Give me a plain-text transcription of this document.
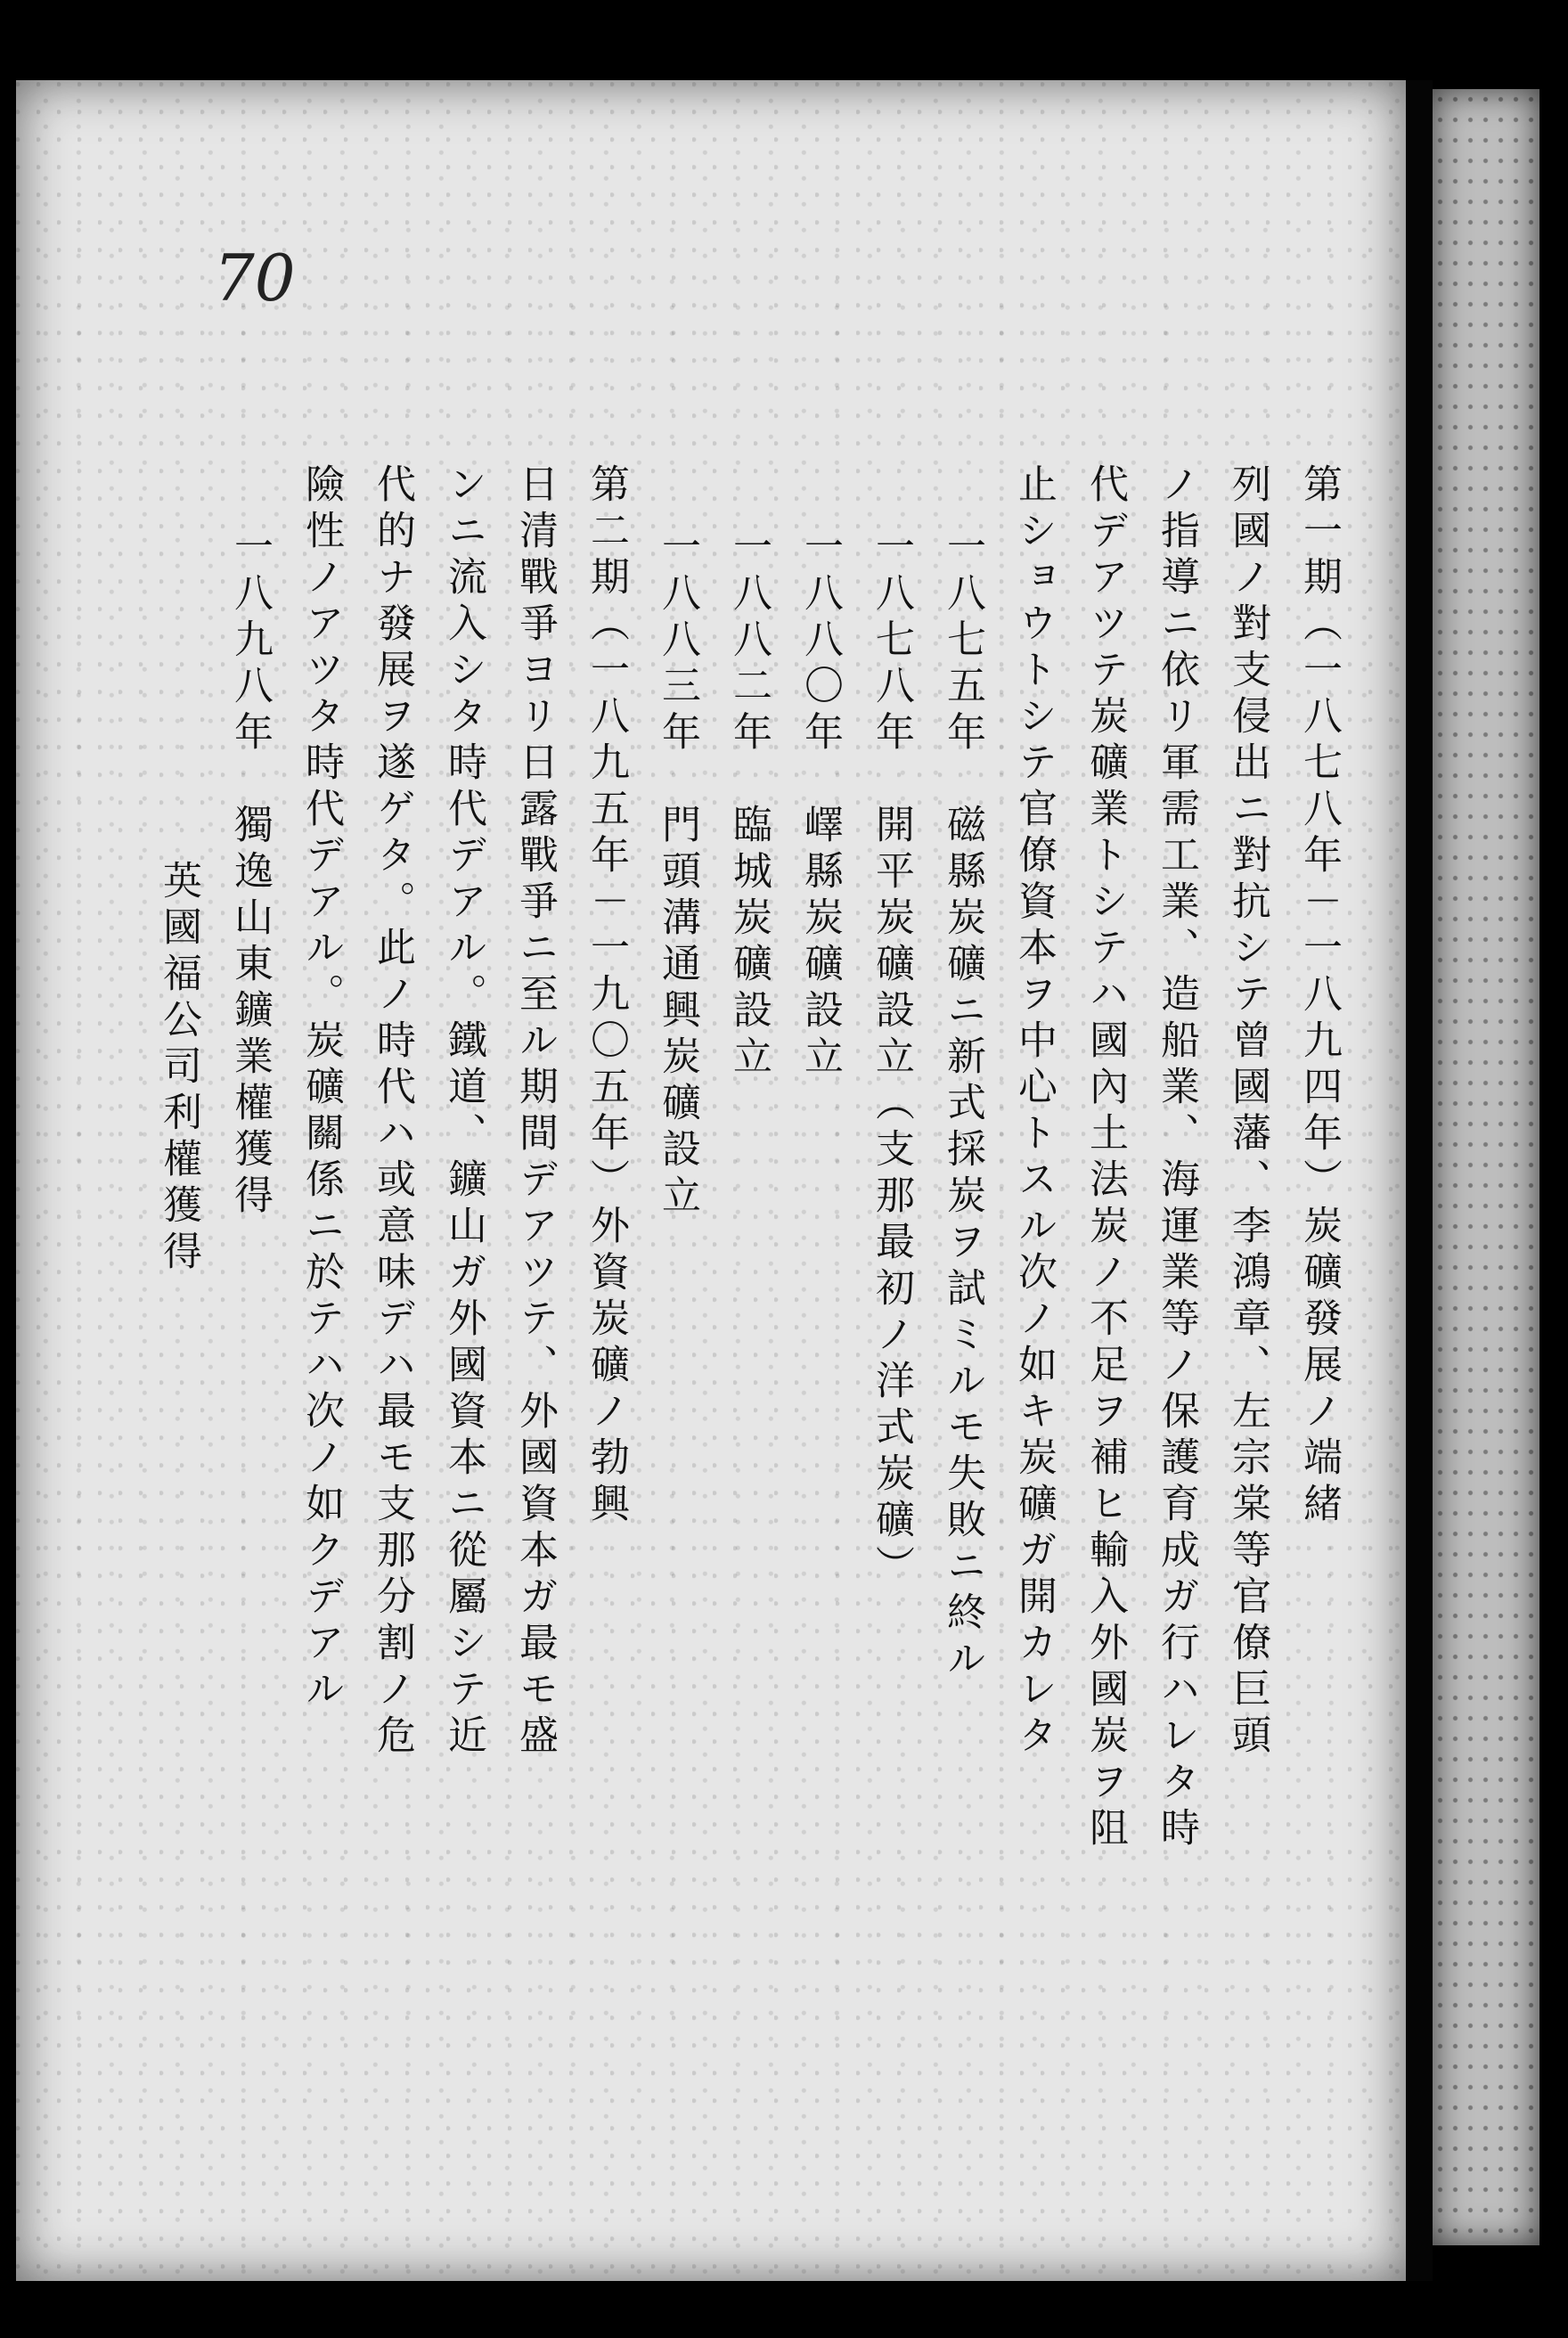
70
第一期（一八七八年－一八九四年）炭礦發展ノ端緒
列國ノ對支侵出ニ對抗シテ曾國藩、李鴻章、左宗棠等官僚巨頭
ノ指導ニ依リ軍需工業、造船業、海運業等ノ保護育成ガ行ハレタ時
代デアツテ炭礦業トシテハ國內土法炭ノ不足ヲ補ヒ輸入外國炭ヲ阻
止ショウトシテ官僚資本ヲ中心トスル次ノ如キ炭礦ガ開カレタ
一八七五年　磁縣炭礦ニ新式採炭ヲ試ミルモ失敗ニ終ル
一八七八年　開平炭礦設立（支那最初ノ洋式炭礦）
一八八〇年　嶧縣炭礦設立
一八八二年　臨城炭礦設立
一八八三年　門頭溝通興炭礦設立
第二期（一八九五年－一九〇五年）外資炭礦ノ勃興
日清戰爭ヨリ日露戰爭ニ至ル期間デアツテ、外國資本ガ最モ盛
ンニ流入シタ時代デアル。鐵道、鑛山ガ外國資本ニ從屬シテ近
代的ナ發展ヲ遂ゲタ。此ノ時代ハ或意味デハ最モ支那分割ノ危
險性ノアツタ時代デアル。炭礦關係ニ於テハ次ノ如クデアル
一八九八年　獨逸山東鑛業權獲得
英國福公司利權獲得
